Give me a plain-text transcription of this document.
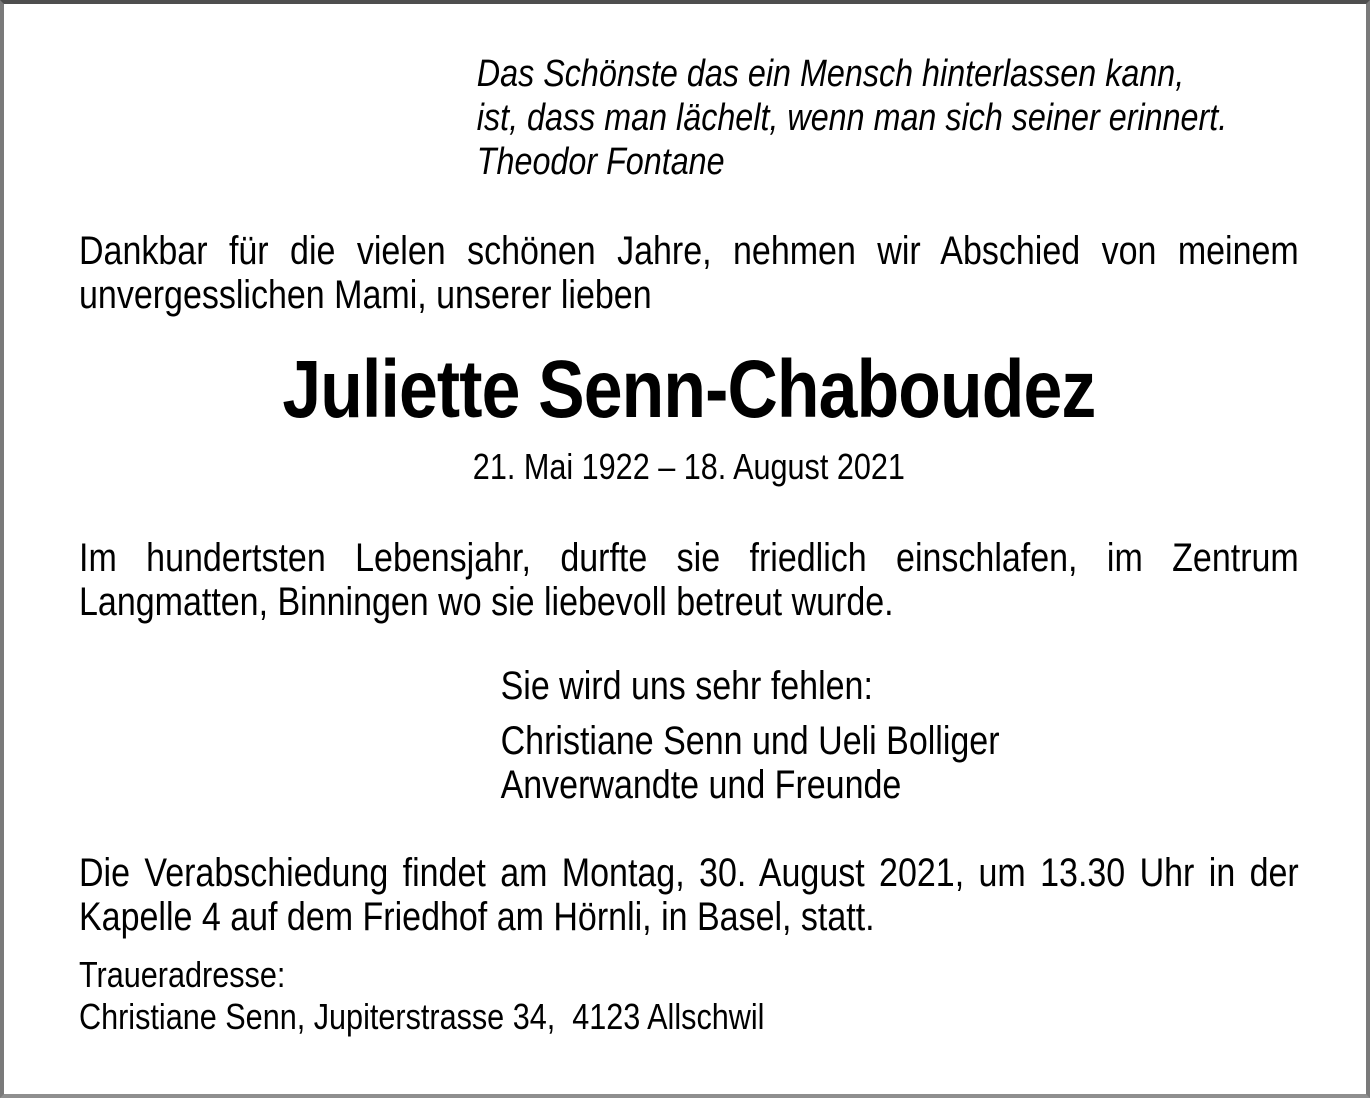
Das Schönste das ein Mensch hinterlassen kann,
ist, dass man lächelt, wenn man sich seiner erinnert.
Theodor Fontane
Dankbar für die vielen schönen Jahre, nehmen wir Abschied von meinem
unvergesslichen Mami, unserer lieben
Juliette Senn-Chaboudez
21. Mai 1922 – 18. August 2021
Im hundertsten Lebensjahr, durfte sie friedlich einschlafen, im Zentrum
Langmatten, Binningen wo sie liebevoll betreut wurde.
Sie wird uns sehr fehlen:
Christiane Senn und Ueli Bolliger
Anverwandte und Freunde
Die Verabschiedung findet am Montag, 30. August 2021, um 13.30 Uhr in der
Kapelle 4 auf dem Friedhof am Hörnli, in Basel, statt.
Traueradresse:
Christiane Senn, Jupiterstrasse 34,  4123 Allschwil
